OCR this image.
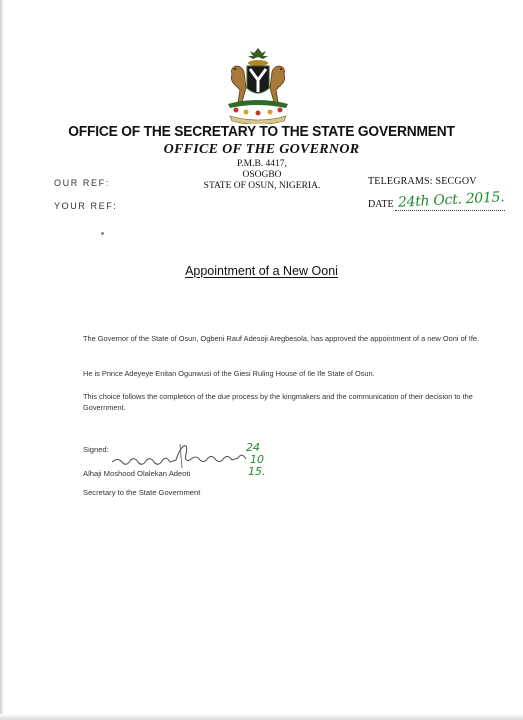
OFFICE OF THE SECRETARY TO THE STATE GOVERNMENT
OFFICE OF THE GOVERNOR
P.M.B. 4417,
OSOGBO
STATE OF OSUN, NIGERIA.
OUR REF:
YOUR REF:
TELEGRAMS: SECGOV
DATE 24th Oct. 2015.
Appointment of a New Ooni
The Governor of the State of Osun, Ogbeni Rauf Adesoji Aregbesola, has approved the appointment of a new Ooni of Ife.
He is Prince Adeyeye Enitan Ogunwusi of the Giesi Ruling House of Ile Ife State of Osun.
This choice follows the completion of the due process by the kingmakers and the communication of their decision to the Government.
Signed:	24
10
15.
Alhaji Moshood Olalekan Adeoti
Secretary to the State Government
